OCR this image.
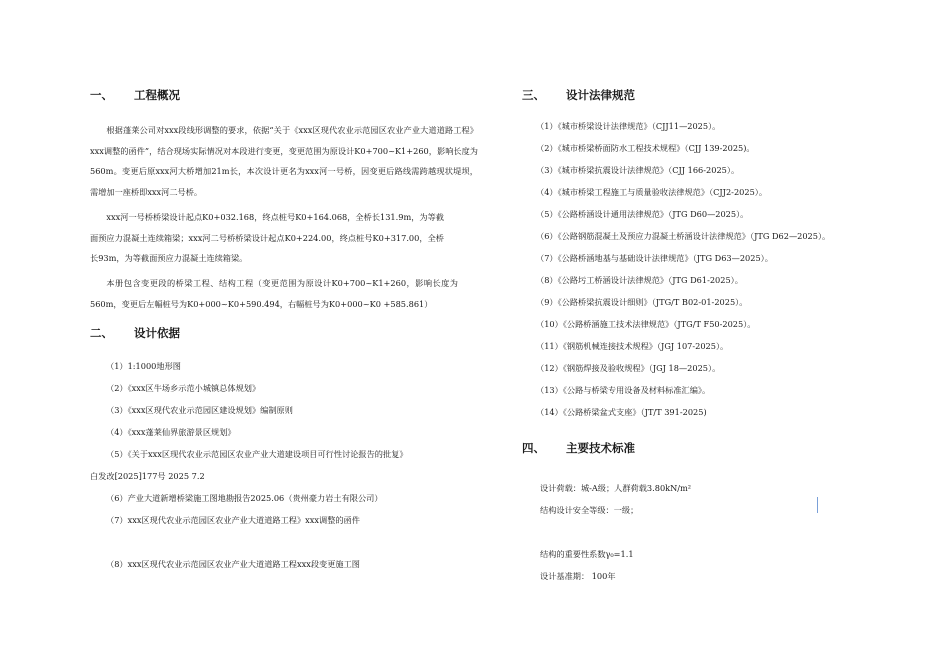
一、 工程概况

根据蓬莱公司对xxx段线形调整的要求，依据“关于《xxx区现代农业示范园区农业产业大道道路工程》xxx调整的函件”，结合现场实际情况对本段进行变更，变更范围为原设计K0+700~K1+260，影响长度为560m。变更后原xxx河大桥增加21m长，本次设计更名为xxx河一号桥，因变更后路线需跨越现状堤坝，需增加一座桥即xxx河二号桥。

xxx河一号桥桥梁设计起点K0+032.168，终点桩号K0+164.068，全桥长131.9m，为等截面预应力混凝土连续箱梁；xxx河二号桥桥梁设计起点K0+224.00，终点桩号K0+317.00，全桥长93m，为等截面预应力混凝土连续箱梁。

本册包含变更段的桥梁工程、结构工程（变更范围为原设计K0+700~K1+260，影响长度为560m，变更后左幅桩号为K0+000~K0+590.494，右幅桩号为K0+000~K0 +585.861）

二、 设计依据
（1）1:1000地形图
（2）《xxx区牛场乡示范小城镇总体规划》
（3）《xxx区现代农业示范园区建设规划》编制原则
（4）《xxx蓬莱仙界旅游景区规划》
（5）《关于xxx区现代农业示范园区农业产业大道建设项目可行性讨论报告的批复》
白发改[2025]177号 2025 7.2
（6）产业大道新增桥梁施工图地勘报告2025.06（贵州豪力岩土有限公司）
（7）xxx区现代农业示范园区农业产业大道道路工程》xxx调整的函件
（8）xxx区现代农业示范园区农业产业大道道路工程xxx段变更施工图
三、 设计法律规范
（1）《城市桥梁设计法律规范》（CJJ11—2025）。
（2）《城市桥梁桥面防水工程技术规程》（CJJ 139-2025)。
（3）《城市桥梁抗震设计法律规范》（CJJ 166-2025）。
（4）《城市桥梁工程施工与质量验收法律规范》（CJJ2-2025）。
（5）《公路桥涵设计通用法律规范》（JTG D60—2025）。
（6）《公路钢筋混凝土及预应力混凝土桥涵设计法律规范》（JTG D62—2025）。
（7）《公路桥涵地基与基础设计法律规范》（JTG D63—2025）。
（8）《公路圬工桥涵设计法律规范》（JTG D61-2025）。
（9）《公路桥梁抗震设计细则》（JTG/T B02-01-2025）。
（10）《公路桥涵施工技术法律规范》（JTG/T F50-2025）。
（11）《钢筋机械连接技术规程》（JGJ 107-2025）。
（12）《钢筋焊接及验收规程》（JGJ 18—2025）。
（13）《公路与桥梁专用设备及材料标准汇编》。
（14）《公路桥梁盆式支座》（JT/T 391-2025)
四、 主要技术标准
设计荷载：城-A级；人群荷载3.80kN/m²
结构设计安全等级：一级；
结构的重要性系数γ₀=1.1
设计基准期： 100年
